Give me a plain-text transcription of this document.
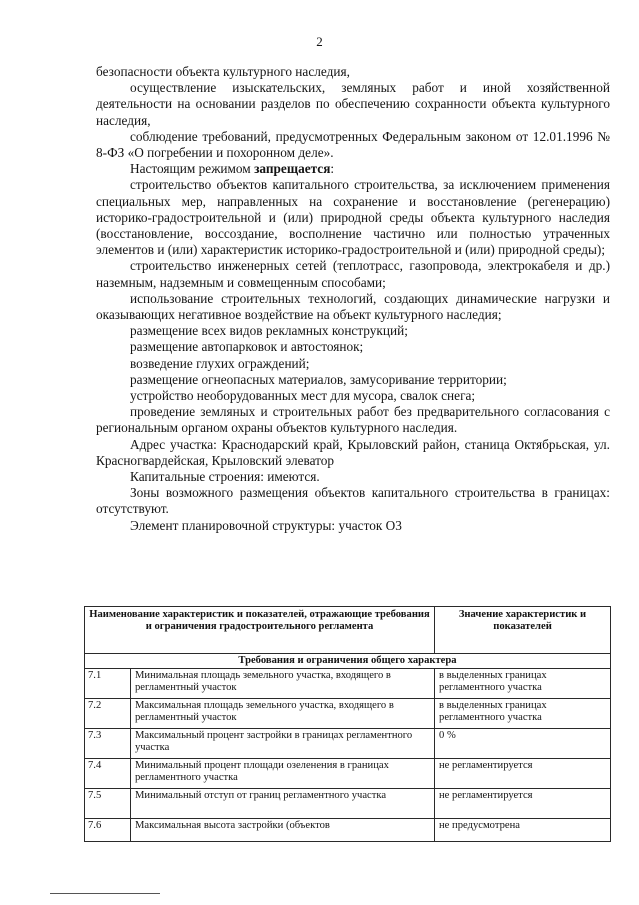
2

безопасности объекта культурного наследия,

осуществление изыскательских, земляных работ и иной хозяйственной деятельности на основании разделов по обеспечению сохранности объекта культурного наследия,

соблюдение требований, предусмотренных Федеральным законом от 12.01.1996 № 8-ФЗ «О погребении и похоронном деле».

Настоящим режимом запрещается:

строительство объектов капитального строительства, за исключением применения специальных мер, направленных на сохранение и восстановление (регенерацию) историко-градостроительной и (или) природной среды объекта культурного наследия (восстановление, воссоздание, восполнение частично или полностью утраченных элементов и (или) характеристик историко-градостроительной и (или) природной среды);

строительство инженерных сетей (теплотрасс, газопровода, электрокабеля и др.) наземным, надземным и совмещенным способами;

использование строительных технологий, создающих динамические нагрузки и оказывающих негативное воздействие на объект культурного наследия;

размещение всех видов рекламных конструкций;

размещение автопарковок и автостоянок;

возведение глухих ограждений;

размещение огнеопасных материалов, замусоривание территории;

устройство необорудованных мест для мусора, свалок снега;

проведение земляных и строительных работ без предварительного согласования с региональным органом охраны объектов культурного наследия.

Адрес участка: Краснодарский край, Крыловский район, станица Октябрьская, ул. Красногвардейская, Крыловский элеватор

Капитальные строения: имеются.

Зоны возможного размещения объектов капитального строительства в границах: отсутствуют.

Элемент планировочной структуры: участок О3

Наименование характеристик и показателей, отражающие требования и ограничения градостроительного регламента		Значение характеристик и показателей
Требования и ограничения общего характера		
7.1	Минимальная площадь земельного участка, входящего в регламентный участок	в выделенных границах регламентного участка
7.2	Максимальная площадь земельного участка, входящего в регламентный участок	в выделенных границах регламентного участка
7.3	Максимальный процент застройки в границах регламентного участка	0 %
7.4	Минимальный процент площади озеленения в границах регламентного участка	не регламентируется
7.5	Минимальный отступ от границ регламентного участка	не регламентируется
7.6	Максимальная высота застройки (объектов	не предусмотрена
